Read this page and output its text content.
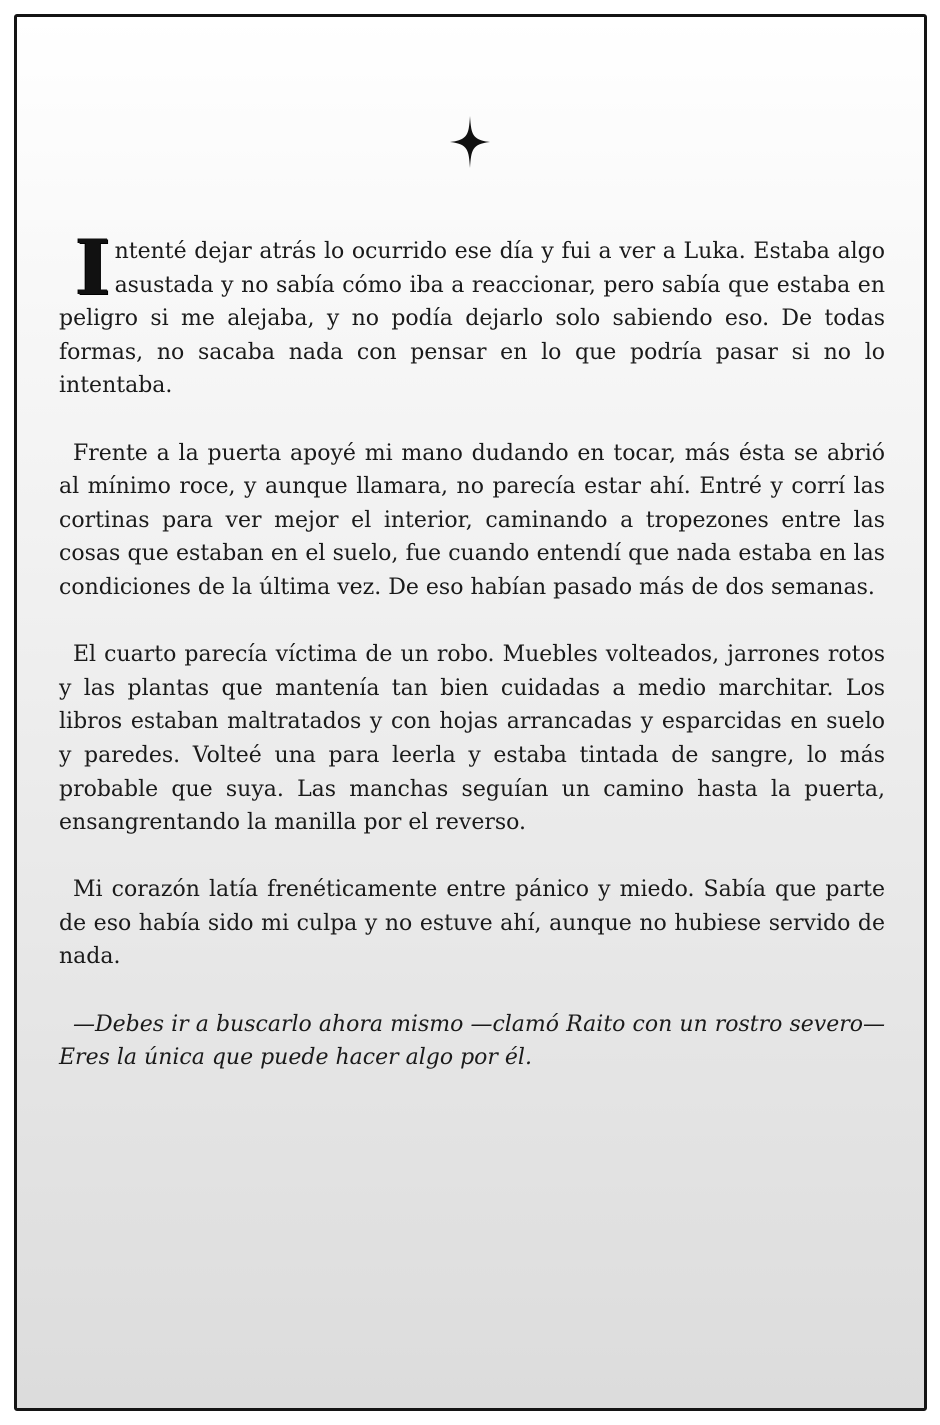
Intenté dejar atrás lo ocurrido ese día y fui a ver a Luka. Estaba algo asustada y no sabía cómo iba a reaccionar, pero sabía que estaba en peligro si me alejaba, y no podía dejarlo solo sabiendo eso. De todas formas, no sacaba nada con pensar en lo que podría pasar si no lo intentaba.

Frente a la puerta apoyé mi mano dudando en tocar, más ésta se abrió al mínimo roce, y aunque llamara, no parecía estar ahí. Entré y corrí las cortinas para ver mejor el interior, caminando a tropezones entre las cosas que estaban en el suelo, fue cuando entendí que nada estaba en las condiciones de la última vez. De eso habían pasado más de dos semanas.

El cuarto parecía víctima de un robo. Muebles volteados, jarrones rotos y las plantas que mantenía tan bien cuidadas a medio marchitar. Los libros estaban maltratados y con hojas arrancadas y esparcidas en suelo y paredes. Volteé una para leerla y estaba tintada de sangre, lo más probable que suya. Las manchas seguían un camino hasta la puerta, ensangrentando la manilla por el reverso.

Mi corazón latía frenéticamente entre pánico y miedo. Sabía que parte de eso había sido mi culpa y no estuve ahí, aunque no hubiese servido de nada.

—Debes ir a buscarlo ahora mismo —clamó Raito con un rostro severo— Eres la única que puede hacer algo por él.
